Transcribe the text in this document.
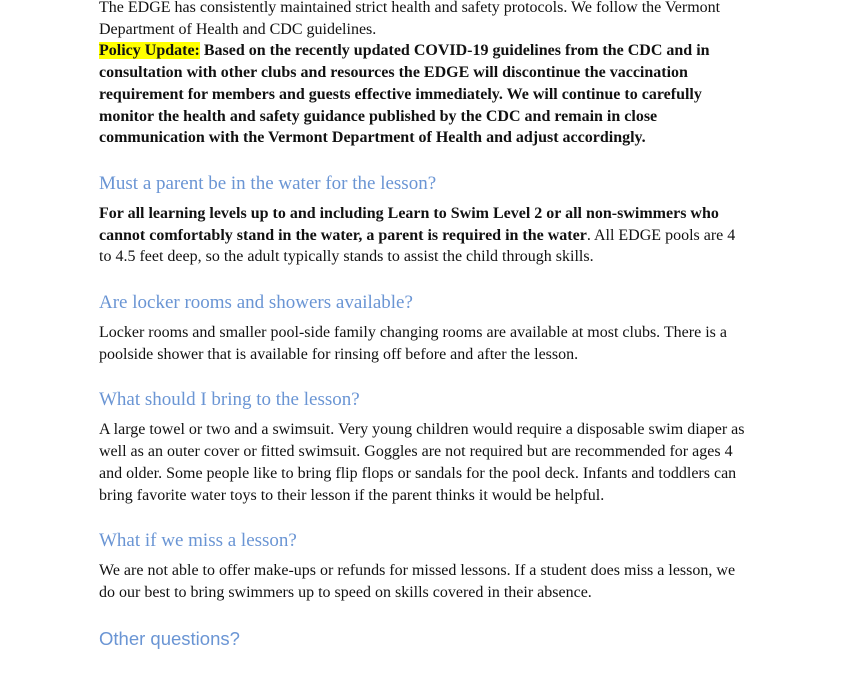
The EDGE has consistently maintained strict health and safety protocols. We follow the Vermont Department of Health and CDC guidelines.
Policy Update: Based on the recently updated COVID-19 guidelines from the CDC and in consultation with other clubs and resources the EDGE will discontinue the vaccination requirement for members and guests effective immediately. We will continue to carefully monitor the health and safety guidance published by the CDC and remain in close communication with the Vermont Department of Health and adjust accordingly.

Must a parent be in the water for the lesson?

For all learning levels up to and including Learn to Swim Level 2 or all non-swimmers who cannot comfortably stand in the water, a parent is required in the water. All EDGE pools are 4 to 4.5 feet deep, so the adult typically stands to assist the child through skills.

Are locker rooms and showers available?

Locker rooms and smaller pool-side family changing rooms are available at most clubs. There is a poolside shower that is available for rinsing off before and after the lesson.

What should I bring to the lesson?

A large towel or two and a swimsuit. Very young children would require a disposable swim diaper as well as an outer cover or fitted swimsuit. Goggles are not required but are recommended for ages 4 and older. Some people like to bring flip flops or sandals for the pool deck. Infants and toddlers can bring favorite water toys to their lesson if the parent thinks it would be helpful.

What if we miss a lesson?

We are not able to offer make-ups or refunds for missed lessons. If a student does miss a lesson, we do our best to bring swimmers up to speed on skills covered in their absence.

Other questions?
